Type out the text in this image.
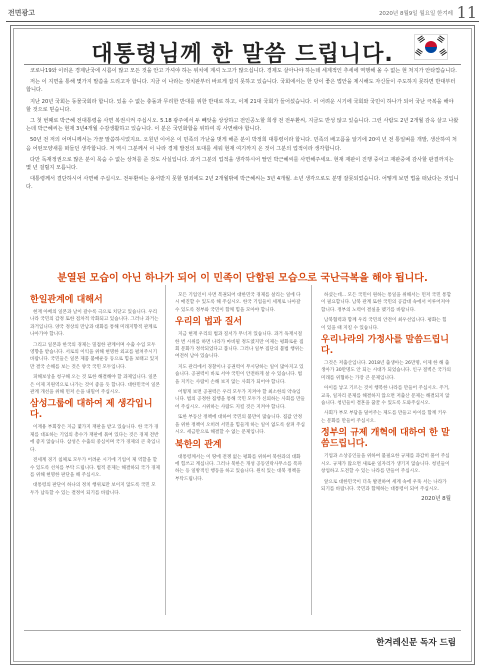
전면광고	2020년 8월9일 월요일 한겨레 11
대통령님께 한 말씀 드립니다.

코로나19와 이러운 경제난국에 시름이 많고 모든 것을 안고 가셔야 하는 위치에 계셔 노고가 많으십니다. 경제도 살아나야 하는데 세계적인 추세에 역행해 올 수 없는 현 처지가 안타깝습니다.

저는 이 지면을 통해 몇가지 말씀을 드리고자 합니다. 지금 이 나라는 정치판부터 바르게 잡지 못하고 있습니다. 국회에서는 한 당이 좋은 법안을 제시해도 자신들이 주도하지 못하면 반대부터 합니다.

지난 20년 국회는 동물국회라 합니다. 있을 수 없는 충돌과 무리한 반대를 위한 반대로 하고, 이제 21대 국회가 들어섰습니다. 이 어려운 시기에 국회와 국민이 하나가 되어 국난 극복을 해야 할 것으로 믿습니다.

그 첫 번째로 박근혜 전대통령을 사면 복권시켜 주십시오. 5.18 광주에서 두 빼앗을 상상하고 전인공노할 희생 전 전두환씨, 지금도 반성 않고 있습니다. 그런 사람도 2년 2개월 감옥 살고 나왔는데 박근혜씨는 현재 3년4개월 수감생활하고 있습니다. 이 분은 국민화합을 위하여 꼭 사면해야 합니다.

50년 전 저의 어머니께서는 가끔 말씀하시었지요. 오원년 이어온 이 민족의 가난을 벗게 해준 분이 박정희 대통령이라 합니다. 민족의 배고픔을 알기에 20여 년 전 통일벼를 개발, 생산하여 처음 어떤모양새를 떠들던 생각합니다. 저 역시 그분께서 이 나라 경제 발전의 토대를 세워 현재 여기까지 온 것이 그분의 업적이라 생각합니다.

다만 독재정권으로 많은 분이 목숨 수 없는 상처를 준 것도 사실입니다. 과거 그분의 업적을 생각하시어 딸인 박근혜씨를 사면해주세요. 현재 재판이 진행 중이고 재판중에 감사할 판결까지는 몇 년 걸릴지 모릅니다.

대통령께서 결단하시어 사면해 주십시오. 전두환씨는 용서받지 못할 범죄에도 2년 2개월밖에 박근혜씨는 3년 4개월. 소년 생각으로도 분명 잘못되었습니다. 어떻게 보면 법을 떠났다는 것입니다.

분열된 모습이 아닌 하나가 되어 이 민족이 단합된 모습으로 국난극복을 해야 됩니다.
한일관계에 대해서

현재 아베의 일본과 날이 갈수록 극으로 치닫고 있습니다. 우리나라 국민의 감정 또한 점차적 악화되고 있습니다. 그러나 과거는 과거입니다. 양국 정상의 만남과 대화를 통해 미래지향적 관계로 나아가야 합니다.

그리고 일본과 한국의 경제는 밀접한 관계이며 수출 수입 모두 영향을 받습니다. 서로의 이익을 위해 현명한 외교를 펼쳐주시기 바랍니다. 국민들은 일본 제품 불매운동 등으로 힘을 보태고 있지만 결국 손해를 보는 것은 양국 국민 모두입니다.

피해보상을 청구해 오는 것 또한 해결해야 할 과제입니다. 일본은 이제 지원역으로 나가는 것이 좋을 듯 합니다. 대한민국이 일본 관계 개선을 위해 먼저 손을 내밀어 주십시오.

삼성그룹에 대하여 제 생각입니다.

이재용 부회장은 지금 몇가지 재판을 받고 있습니다. 한 국가 경제를 대표하는 기업의 총수가 재판에 묶여 있다는 것은 경제 전반에 좋지 않습니다. 삼성은 수출의 중심이며 국가 경제의 큰 축입니다.

전세계 경기 침체로 모두가 어려운 시기에 기업이 제 역할을 할 수 있도록 선처를 부탁 드립니다. 법적 문제는 해결하되 국가 경제를 위해 현명한 판단을 해 주십시오.

대통령의 판단이 하나의 정치 행위로만 보이지 않도록 국민 모두가 납득할 수 있는 결정이 되기를 바랍니다.

모든 기업인이 사면 복권되어 대한민국 경제를 살리는 일에 다시 매진할 수 있도록 해 주십시오. 한국 기업들이 세계로 나아갈 수 있도록 정부와 국민이 함께 힘을 모아야 합니다.

우리의 법과 질서

지금 현재 우리의 법과 질서가 무너져 있습니다. 과거 독재시절 한 번 시위를 하면 나라가 마비될 정도였지만 이제는 평화로운 집회 문화가 정착되었다고 봅니다. 그러나 일부 집단의 불법 행위는 여전히 남아 있습니다.

지도 관리에서 경찰이나 공권력이 무시당하는 일이 많아지고 있습니다. 공권력이 바로 서야 국민이 안전하게 살 수 있습니다. 법을 지키는 사람이 손해 보지 않는 사회가 되어야 합니다.

어떻게 보면 공권력은 우리 모두가 지켜야 할 최소한의 약속입니다. 법의 공정한 집행을 통해 국민 모두가 신뢰하는 사회를 만들어 주십시오. 시위하는 사람도 지킬 것은 지켜야 합니다.

또한 부동산 정책에 대하여 국민의 불만이 많습니다. 집값 안정을 위한 정책이 오히려 서민을 힘들게 하는 일이 없도록 살펴 주십시오. 세금만으로 해결할 수 없는 문제입니다.

북한의 관계

대통령께서는 이 땅에 전쟁 없는 평화를 위하여 북한과의 대화에 힘쓰고 계십니다. 그러나 북한은 개성 공동연락사무소를 폭파하는 등 일방적인 행동을 하고 있습니다. 원칙 있는 대북 정책을 부탁드립니다.

하셨는데... 모든 국민이 원하는 통일을 위해서는 먼저 국민 통합이 필요합니다. 남북 관계 또한 국민의 공감대 속에서 이루어져야 합니다. 정부의 노력이 결실을 맺기를 바랍니다.

남북협력과 함께 우리 국민의 안전이 최우선입니다. 평화는 힘이 있을 때 지킬 수 있습니다.

우리나라의 가정사를 말씀드립니다.

그것은 저출산입니다. 2018년 출생아는 26만명, 이제 한 해 출생아가 30만명도 안 되는 시대가 되었습니다. 인구 절벽은 국가의 미래를 위협하는 가장 큰 문제입니다.

아이를 낳고 기르는 것이 행복한 나라를 만들어 주십시오. 주거, 교육, 일자리 문제를 해결하지 않으면 저출산 문제는 해결되지 않습니다. 청년들이 결혼을 꿈꿀 수 있도록 도와주십시오.

사회가 부모 부담을 덜어주는 제도를 만들고 아이를 함께 키우는 문화를 만들어 주십시오.

정부의 규제 개혁에 대하여 한 말씀드립니다.

기업과 소상공인들을 위하여 불필요한 규제를 과감히 풀어 주십시오. 규제가 많으면 새로운 일자리가 생기지 않습니다. 청년들이 창업하고 도전할 수 있는 나라를 만들어 주십시오.

앞으로 대한민국이 더욱 발전하여 세계 속에 우뚝 서는 나라가 되기를 바랍니다. 국민과 함께하는 대통령이 되어 주십시오.

2020년 8월

한겨레신문 독자 드림
